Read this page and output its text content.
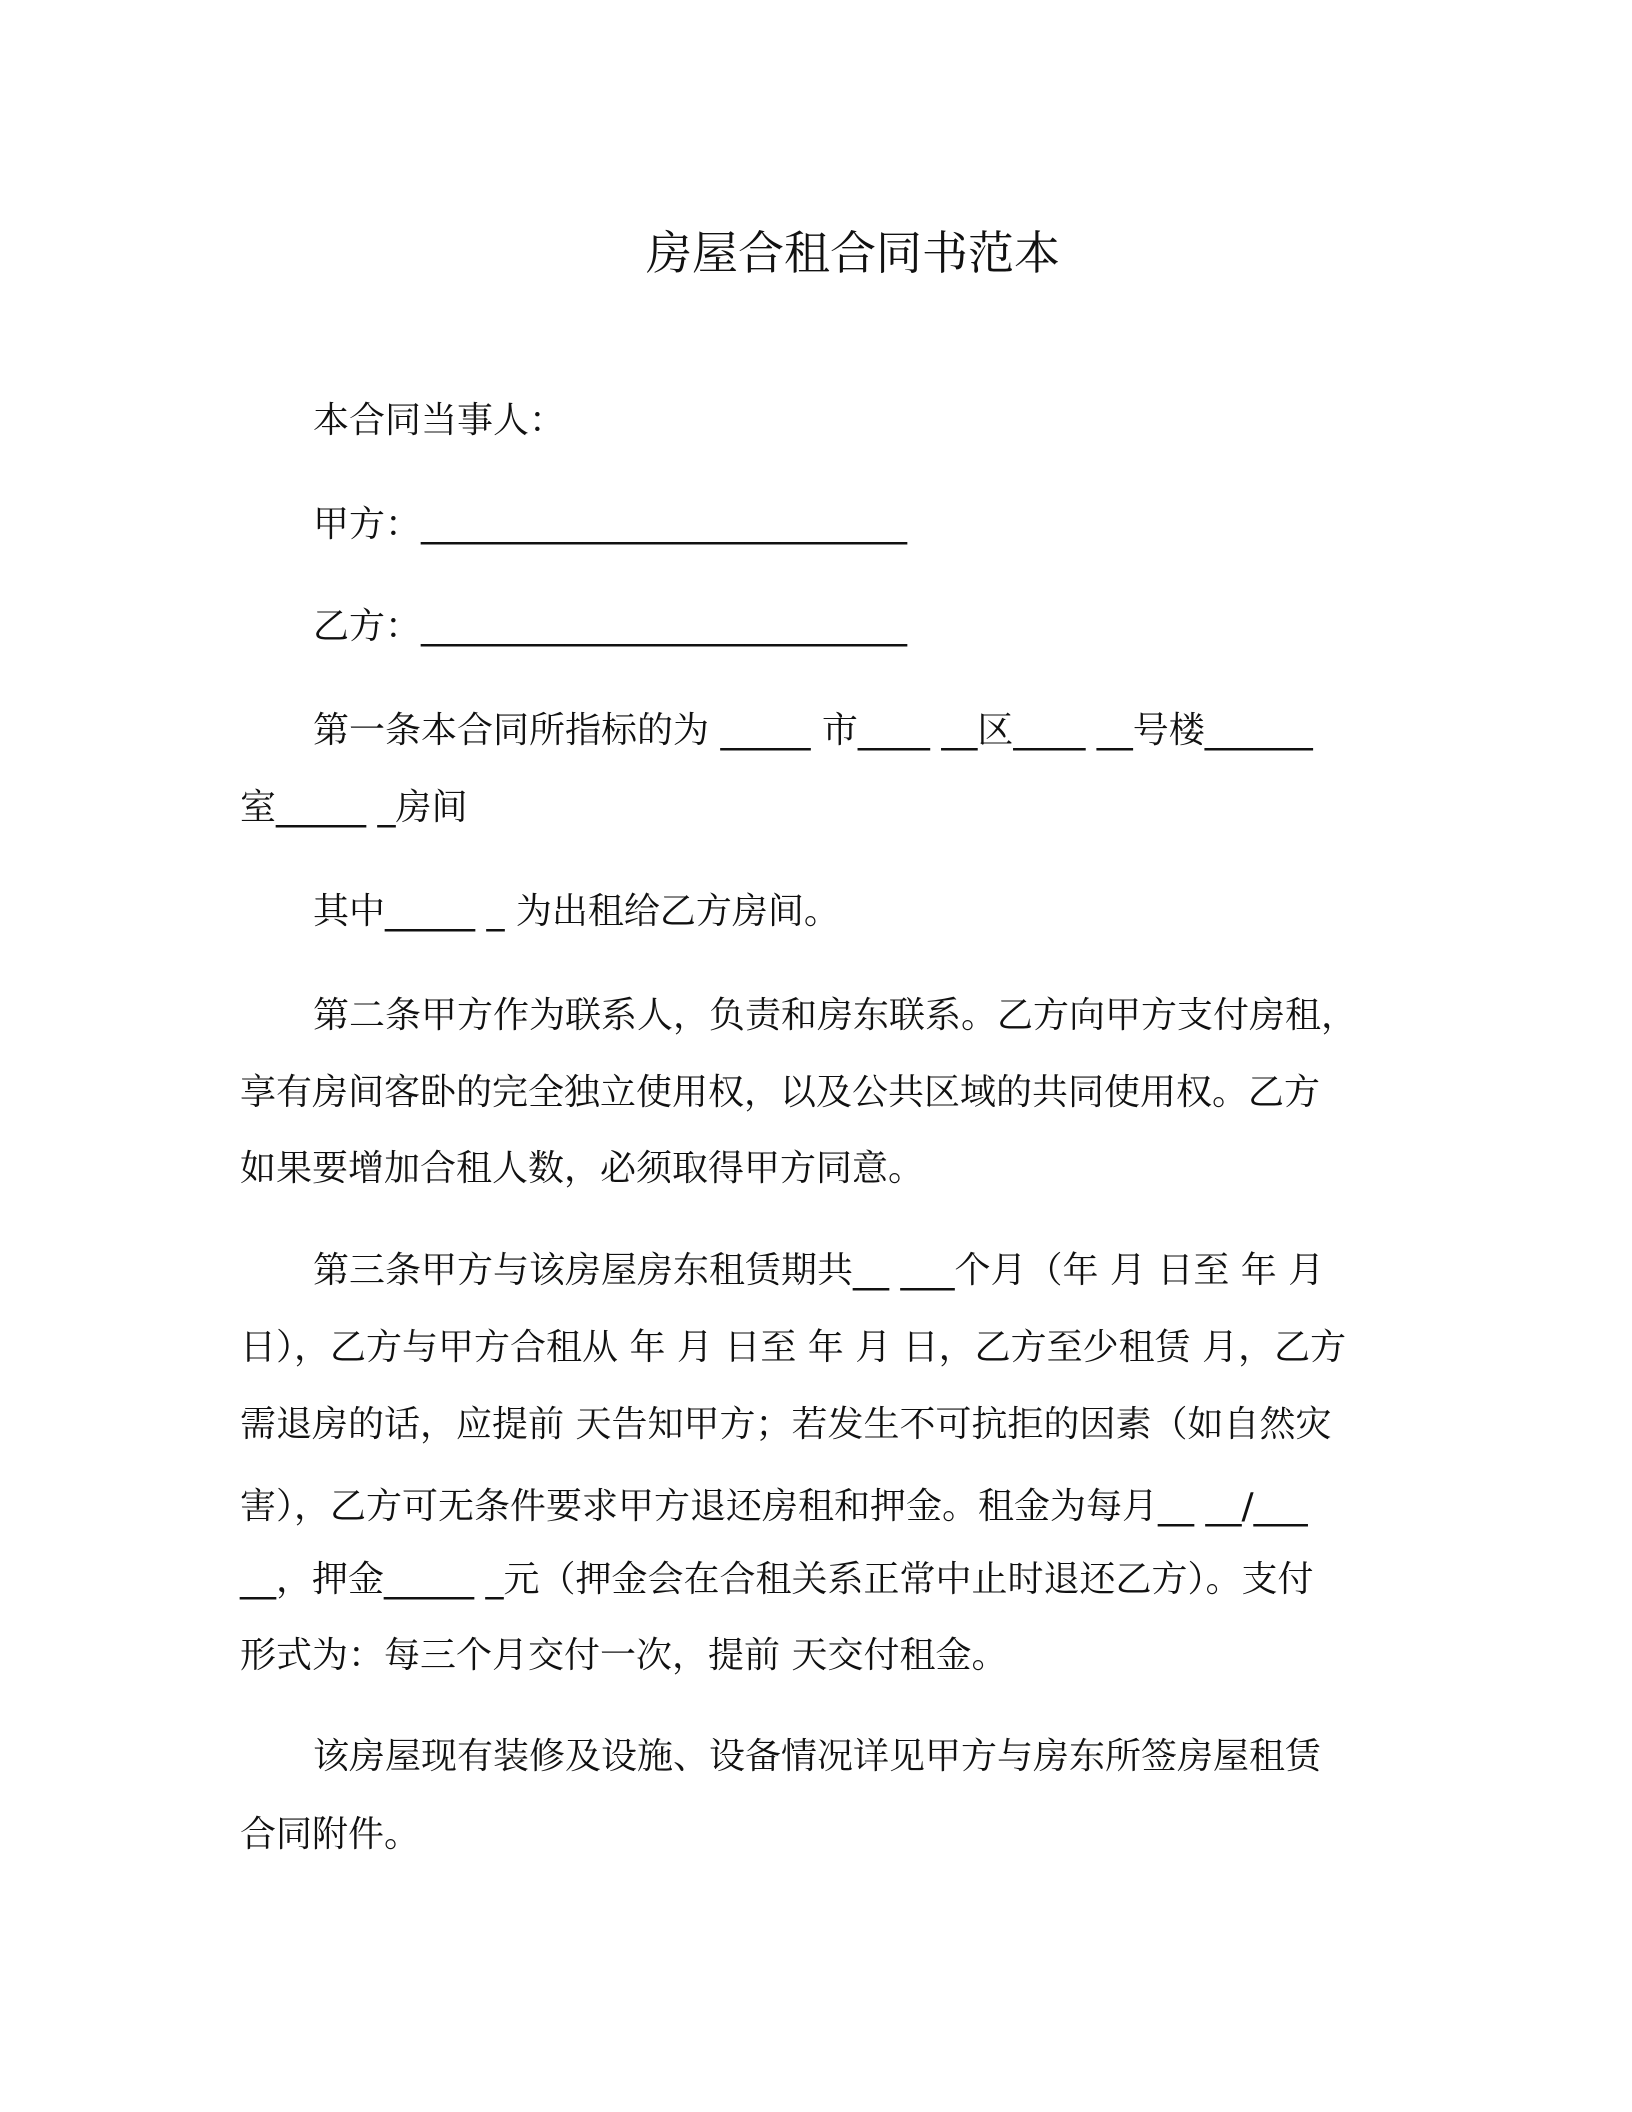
房屋合租合同书范本
本合同当事人：
甲方：___________________________
乙方：___________________________
第一条本合同所指标的为 _____ 市____ __区____ __号楼______
室_____ _房间
其中_____ _ 为出租给乙方房间。
第二条甲方作为联系人，负责和房东联系。乙方向甲方支付房租，
享有房间客卧的完全独立使用权，以及公共区域的共同使用权。乙方
如果要增加合租人数，必须取得甲方同意。
第三条甲方与该房屋房东租赁期共__ ___个月（年 月 日至 年 月
日），乙方与甲方合租从 年 月 日至 年 月 日，乙方至少租赁 月，乙方
需退房的话，应提前 天告知甲方；若发生不可抗拒的因素（如自然灾
害），乙方可无条件要求甲方退还房租和押金。租金为每月__ __/___
__，押金_____ _元（押金会在合租关系正常中止时退还乙方）。支付
形式为：每三个月交付一次，提前 天交付租金。
该房屋现有装修及设施、设备情况详见甲方与房东所签房屋租赁
合同附件。
